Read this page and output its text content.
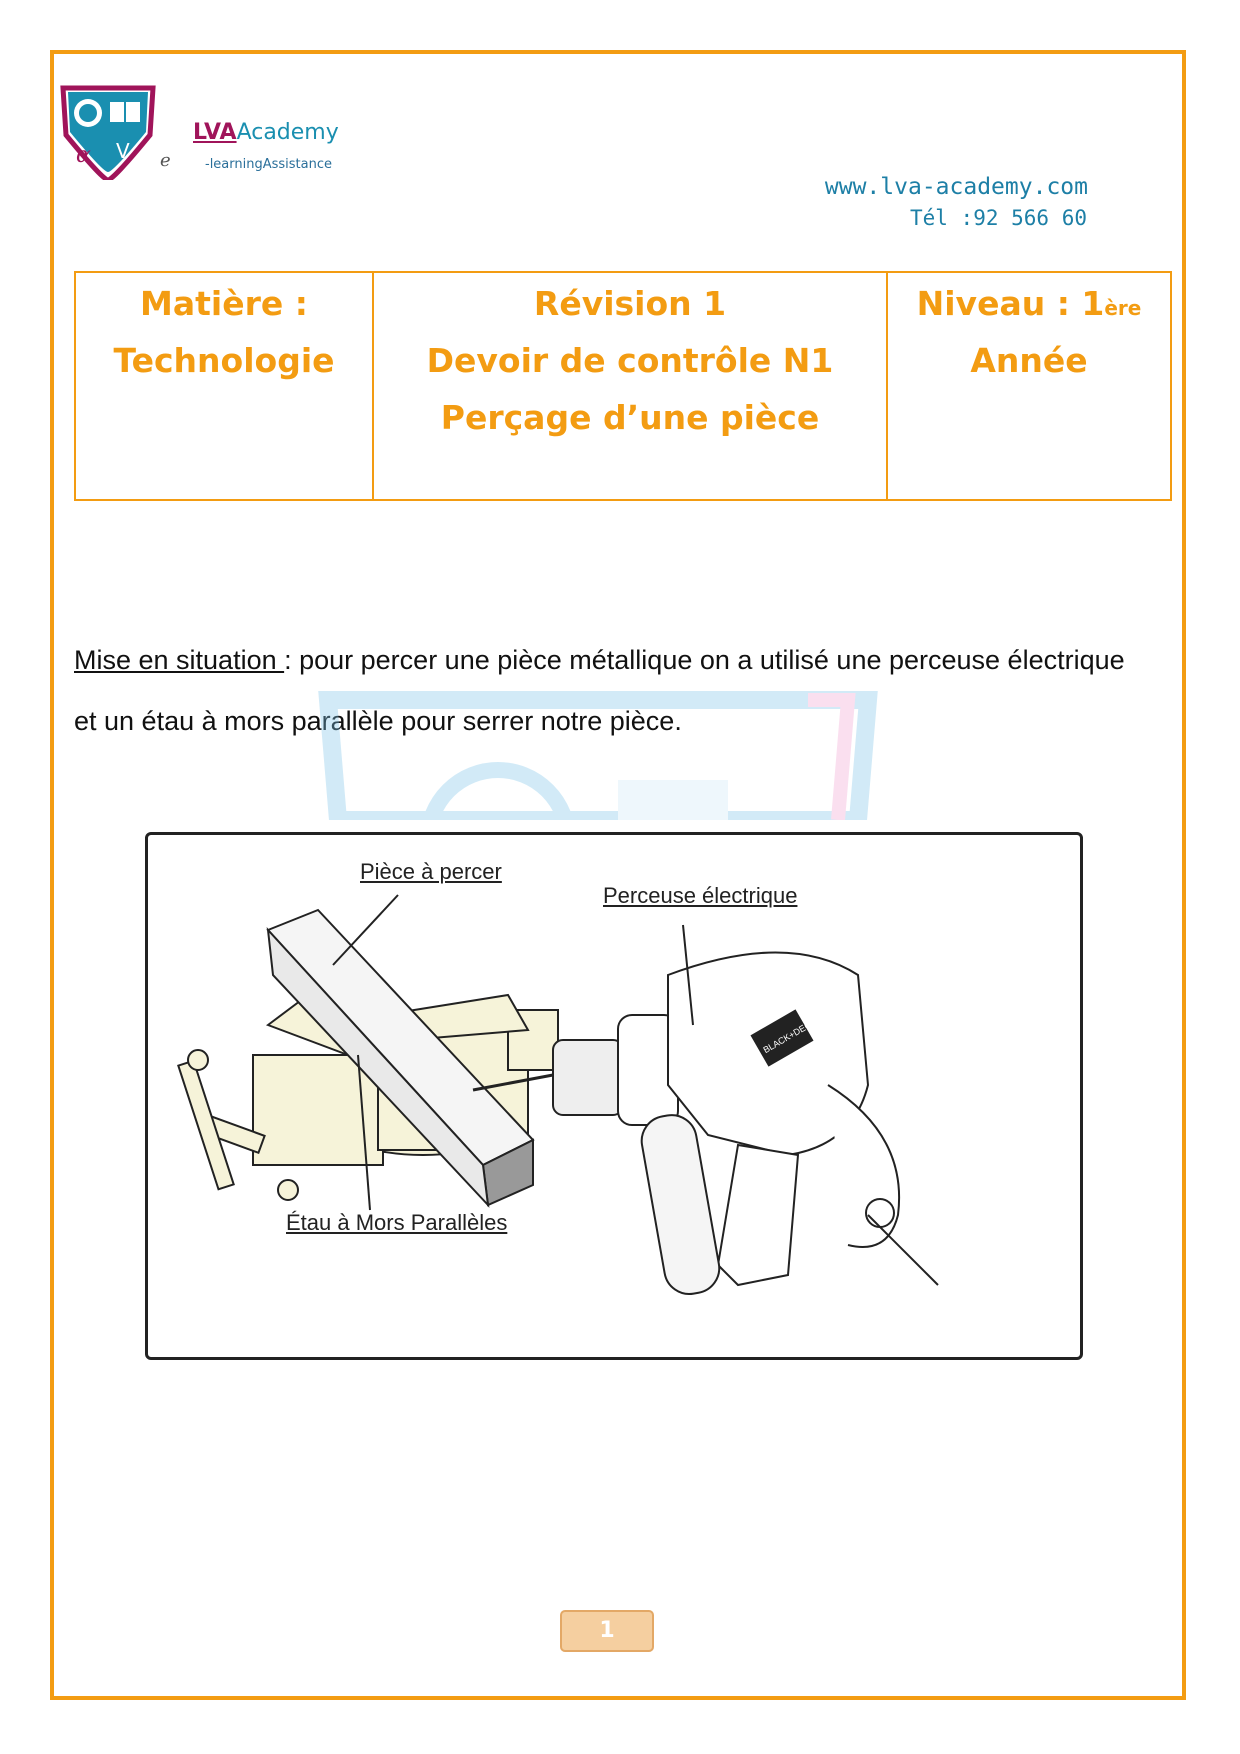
α V
LVAAcademy
e	-learningAssistance
www.lva-academy.com
Tél :92 566 60
Matière :
Technologie

Révision 1
Devoir de contrôle N1
Perçage d’une pièce

Niveau : 1ère
Année
Mise en situation : pour percer une pièce métallique on a utilisé une perceuse électrique et un étau à mors parallèle pour serrer notre pièce.
BLACK+DECKER
Pièce à percer
Perceuse électrique
Étau à Mors Parallèles
1
